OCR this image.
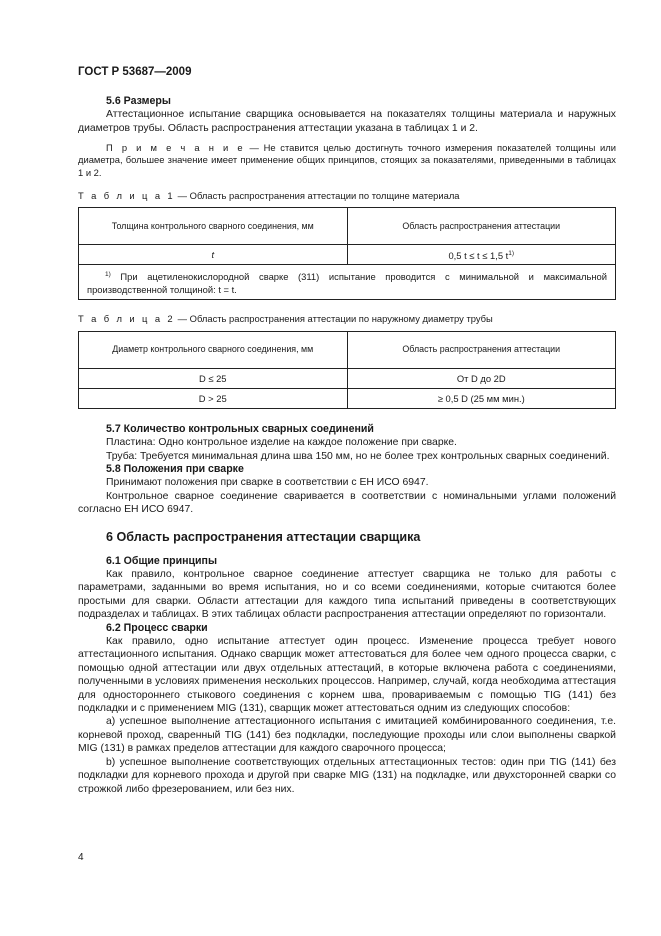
ГОСТ Р 53687—2009
5.6 Размеры

Аттестационное испытание сварщика основывается на показателях толщины материала и наружных диаметров трубы. Область распространения аттестации указана в таблицах 1 и 2.

П р и м е ч а н и е — Не ставится целью достигнуть точного измерения показателей толщины или диаметра, большее значение имеет применение общих принципов, стоящих за показателями, приведенными в таблицах 1 и 2.

Т а б л и ц а 1 — Область распространения аттестации по толщине материала
Толщина контрольного сварного соединения, мм	Область распространения аттестации
t	0,5 t ≤ t ≤ 1,5 $t^{1)}$
$^{1)}$ При ацетиленокислородной сварке (311) испытание проводится с минимальной и максимальной производственной толщиной: t = t.	
Т а б л и ц а 2 — Область распространения аттестации по наружному диаметру трубы
Диаметр контрольного сварного соединения, мм	Область распространения аттестации
D ≤ 25	От D до 2D
D > 25	≥ 0,5 D (25 мм мин.)
5.7 Количество контрольных сварных соединений

Пластина: Одно контрольное изделие на каждое положение при сварке.

Труба: Требуется минимальная длина шва 150 мм, но не более трех контрольных сварных соединений.

5.8 Положения при сварке

Принимают положения при сварке в соответствии с ЕН ИСО 6947.

Контрольное сварное соединение сваривается в соответствии с номинальными углами положений согласно ЕН ИСО 6947.

6 Область распространения аттестации сварщика
6.1 Общие принципы

Как правило, контрольное сварное соединение аттестует сварщика не только для работы с параметрами, заданными во время испытания, но и со всеми соединениями, которые считаются более простыми для сварки. Области аттестации для каждого типа испытаний приведены в соответствующих подразделах и таблицах. В этих таблицах области распространения аттестации определяют по горизонтали.

6.2 Процесс сварки

Как правило, одно испытание аттестует один процесс. Изменение процесса требует нового аттестационного испытания. Однако сварщик может аттестоваться для более чем одного процесса сварки, с помощью одной аттестации или двух отдельных аттестаций, в которые включена работа с соединениями, полученными в условиях применения нескольких процессов. Например, случай, когда необходима аттестация для одностороннего стыкового соединения с корнем шва, провариваемым с помощью TIG (141) без подкладки и с применением MIG (131), сварщик может аттестоваться одним из следующих способов:

a) успешное выполнение аттестационного испытания с имитацией комбинированного соединения, т.е. корневой проход, сваренный TIG (141) без подкладки, последующие проходы или слои выполнены сваркой MIG (131) в рамках пределов аттестации для каждого сварочного процесса;

b) успешное выполнение соответствующих отдельных аттестационных тестов: один при TIG (141) без подкладки для корневого прохода и другой при сварке MIG (131) на подкладке, или двухсторонней сварки со строжкой либо фрезерованием, или без них.

4
